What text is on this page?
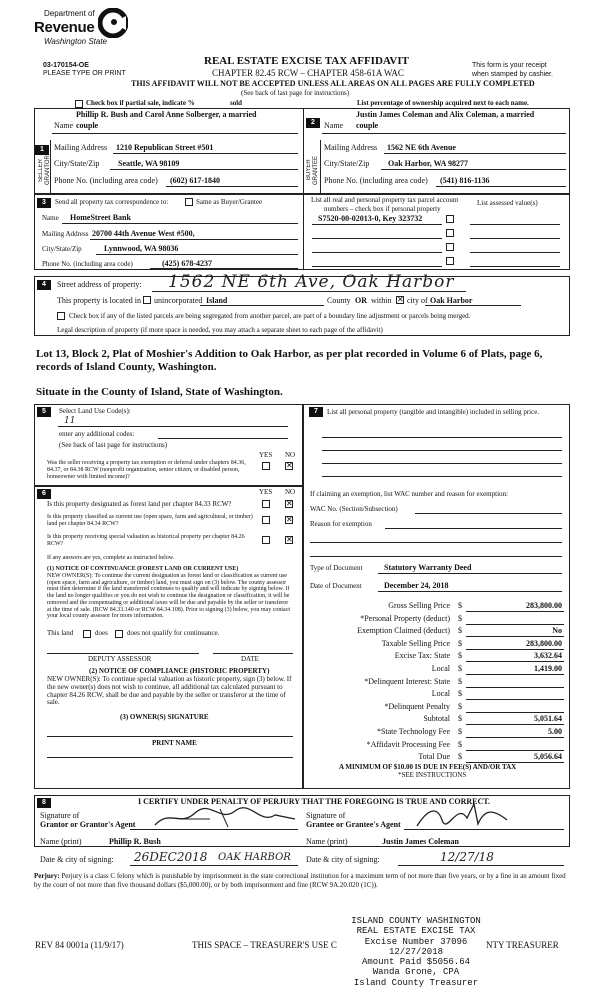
Department of
Revenue
Washington State
03-170154-OE
PLEASE TYPE OR PRINT
REAL ESTATE EXCISE TAX AFFIDAVIT
CHAPTER 82.45 RCW – CHAPTER 458-61A WAC
THIS AFFIDAVIT WILL NOT BE ACCEPTED UNLESS ALL AREAS ON ALL PAGES ARE FULLY COMPLETED
(See back of last page for instructions)
This form is your receipt
when stamped by cashier.
Check box if partial sale, indicate %	sold	List percentage of ownership acquired next to each name.
1
SELLER GRANTOR
Name
Phillip R. Bush and Carol Anne Solberger, a married
couple
Mailing Address 1210 Republican Street #501
City/State/Zip Seattle, WA 98109
Phone No. (including area code) (602) 617-1840
2
BUYER GRANTEE
Name
Justin James Coleman and Alix Coleman, a married
couple
Mailing Address 1562 NE 6th Avenue
City/State/Zip Oak Harbor, WA 98277
Phone No. (including area code) (541) 816-1136
3	Send all property tax correspondence to:	Same as Buyer/Grantee
Name HomeStreet Bank
Mailing Address 20700 44th Avenue West #500,
City/State/Zip	Lynnwood, WA 98036
Phone No. (including area code)	(425) 678-4237
List all real and personal property tax parcel account
numbers – check box if personal property
List assessed value(s)
S7520-00-02013-0, Key 323732
4	Street address of property: 1562 NE 6th Ave, Oak Harbor
This property is located in unincorporated Island	County OR within ✕ city of Oak Harbor
Check box if any of the listed parcels are being segregated from another parcel, are part of a boundary line adjustment or parcels being merged.
Legal description of property (if more space is needed, you may attach a separate sheet to each page of the affidavit)
Lot 13, Block 2, Plat of Moshier's Addition to Oak Harbor, as per plat recorded in Volume 6 of Plats, page 6,
records of Island County, Washington.
Situate in the County of Island, State of Washington.
5	Select Land Use Code(s):
11
enter any additional codes:
(See back of last page for instructions)
YES NO
Was the seller receiving a property tax exemption or deferral under chapters 84.36, 84.37, or 84.38 RCW (nonprofit organization, senior citizen, or disabled person, homeowner with limited income)?
✕
6	YES NO
Is this property designated as forest land per chapter 84.33 RCW?	✕
Is this property classified as current use (open space, farm and agricultural, or timber) land per chapter 84.34 RCW?	✕
Is this property receiving special valuation as historical property per chapter 84.26 RCW?	✕
If any answers are yes, complete as instructed below.
(1) NOTICE OF CONTINUANCE (FOREST LAND OR CURRENT USE)
NEW OWNER(S): To continue the current designation as forest land or classification as current use (open space, farm and agriculture, or timber) land, you must sign on (3) below. The county assessor must then determine if the land transferred continues to qualify and will indicate by signing below. If the land no longer qualifies or you do not wish to continue the designation or classification, it will be removed and the compensating or additional taxes will be due and payable by the seller or transferor at the time of sale. (RCW 84.33.140 or RCW 84.34.108). Prior to signing (3) below, you may contact your local county assessor for more information.
This land	does	does not qualify for continuance.
DEPUTY ASSESSOR	DATE
(2) NOTICE OF COMPLIANCE (HISTORIC PROPERTY)
NEW OWNER(S): To continue special valuation as historic property, sign (3) below. If the new owner(s) does not wish to continue, all additional tax calculated pursuant to chapter 84.26 RCW, shall be due and payable by the seller or transferor at the time of sale.
(3) OWNER(S) SIGNATURE
PRINT NAME
7	List all personal property (tangible and intangible) included in selling price.
If claiming an exemption, list WAC number and reason for exemption:
WAC No. (Section/Subsection)
Reason for exemption
Type of Document	Statutory Warranty Deed
Date of Document	December 24, 2018
Gross Selling Price $	283,800.00
*Personal Property (deduct) $
Exemption Claimed (deduct) $	No
Taxable Selling Price $	283,800.00
Excise Tax: State $	3,632.64
Local $	1,419.00
*Delinquent Interest: State $
Local $
*Delinquent Penalty $
Subtotal $	5,051.64
*State Technology Fee $	5.00
*Affidavit Processing Fee $
Total Due $	5,056.64
A MINIMUM OF $10.00 IS DUE IN FEE(S) AND/OR TAX
*SEE INSTRUCTIONS
8	I CERTIFY UNDER PENALTY OF PERJURY THAT THE FOREGOING IS TRUE AND CORRECT.
Signature of
Grantor or Grantor's Agent
Signature of
Grantee or Grantee's Agent
Name (print)	Phillip R. Bush	Name (print)	Justin James Coleman
Date & city of signing: 26DEC2018 OAK HARBOR Date & city of signing:	12/27/18
Perjury: Perjury is a class C felony which is punishable by imprisonment in the state correctional institution for a maximum term of not more than five years, or by a fine in an amount fixed by the court of not more than five thousand dollars ($5,000.00), or by both imprisonment and fine (RCW 9A.20.020 (1C)).
REV 84 0001a (11/9/17)	THIS SPACE – TREASURER'S USE C	NTY TREASURER
ISLAND COUNTY WASHINGTON
REAL ESTATE EXCISE TAX
Excise Number 37096
12/27/2018
Amount Paid $5056.64
Wanda Grone, CPA
Island County Treasurer
